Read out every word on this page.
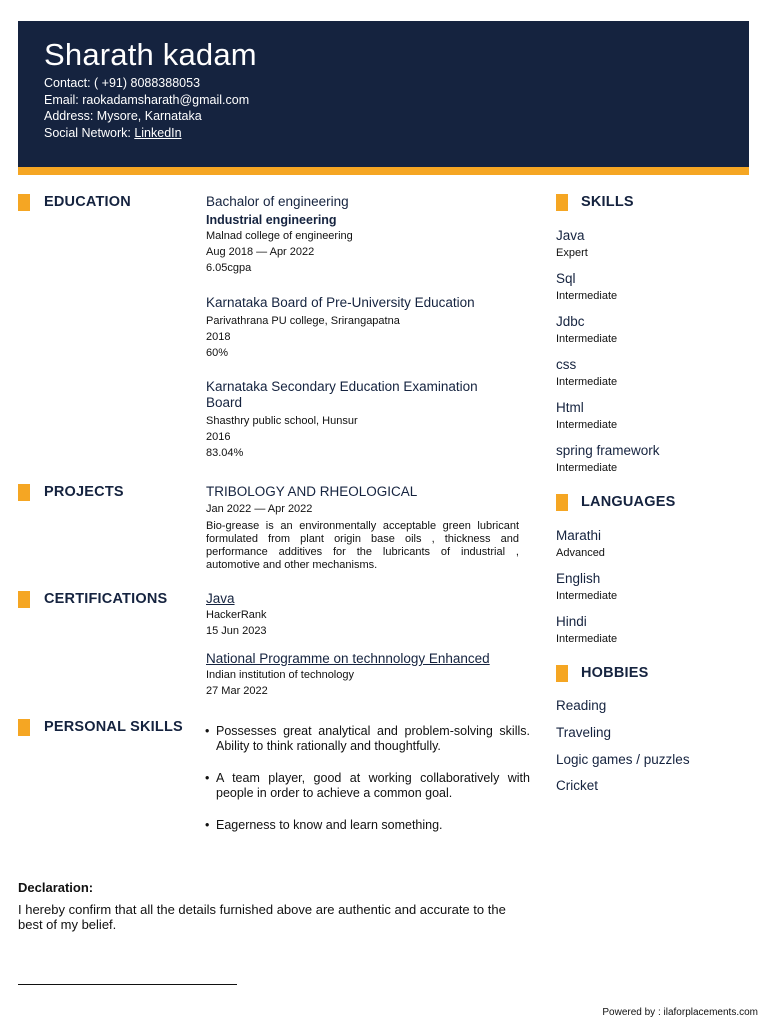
Sharath kadam
Contact: ( +91) 8088388053
Email: raokadamsharath@gmail.com
Address: Mysore, Karnataka
Social Network: LinkedIn
EDUCATION	Bachalor of engineering
Industrial engineering
Malnad college of engineering
Aug 2018 — Apr 2022
6.05cgpa
Karnataka Board of Pre-University Education
Parivathrana PU college, Srirangapatna
2018
60%
Karnataka Secondary Education Examination Board
Shasthry public school, Hunsur
2016
83.04%
PROJECTS	TRIBOLOGY AND RHEOLOGICAL
Jan 2022 — Apr 2022
Bio-grease is an environmentally acceptable green lubricant formulated from plant origin base oils , thickness and performance additives for the lubricants of industrial , automotive and other mechanisms.
CERTIFICATIONS	Java
HackerRank
15 Jun 2023
National Programme on technnology Enhanced
Indian institution of technology
27 Mar 2022
PERSONAL SKILLS • Possesses great analytical and problem-solving skills. Ability to think rationally and thoughtfully.
• A team player, good at working collaboratively with people in order to achieve a common goal.
• Eagerness to know and learn something.
SKILLS
Java
Expert
Sql
Intermediate
Jdbc
Intermediate
css
Intermediate
Html
Intermediate
spring framework
Intermediate
LANGUAGES
Marathi
Advanced
English
Intermediate
Hindi
Intermediate
HOBBIES
Reading
Traveling
Logic games / puzzles
Cricket
Declaration:
I hereby confirm that all the details furnished above are authentic and accurate to the best of my belief.
Powered by : ilaforplacements.com
